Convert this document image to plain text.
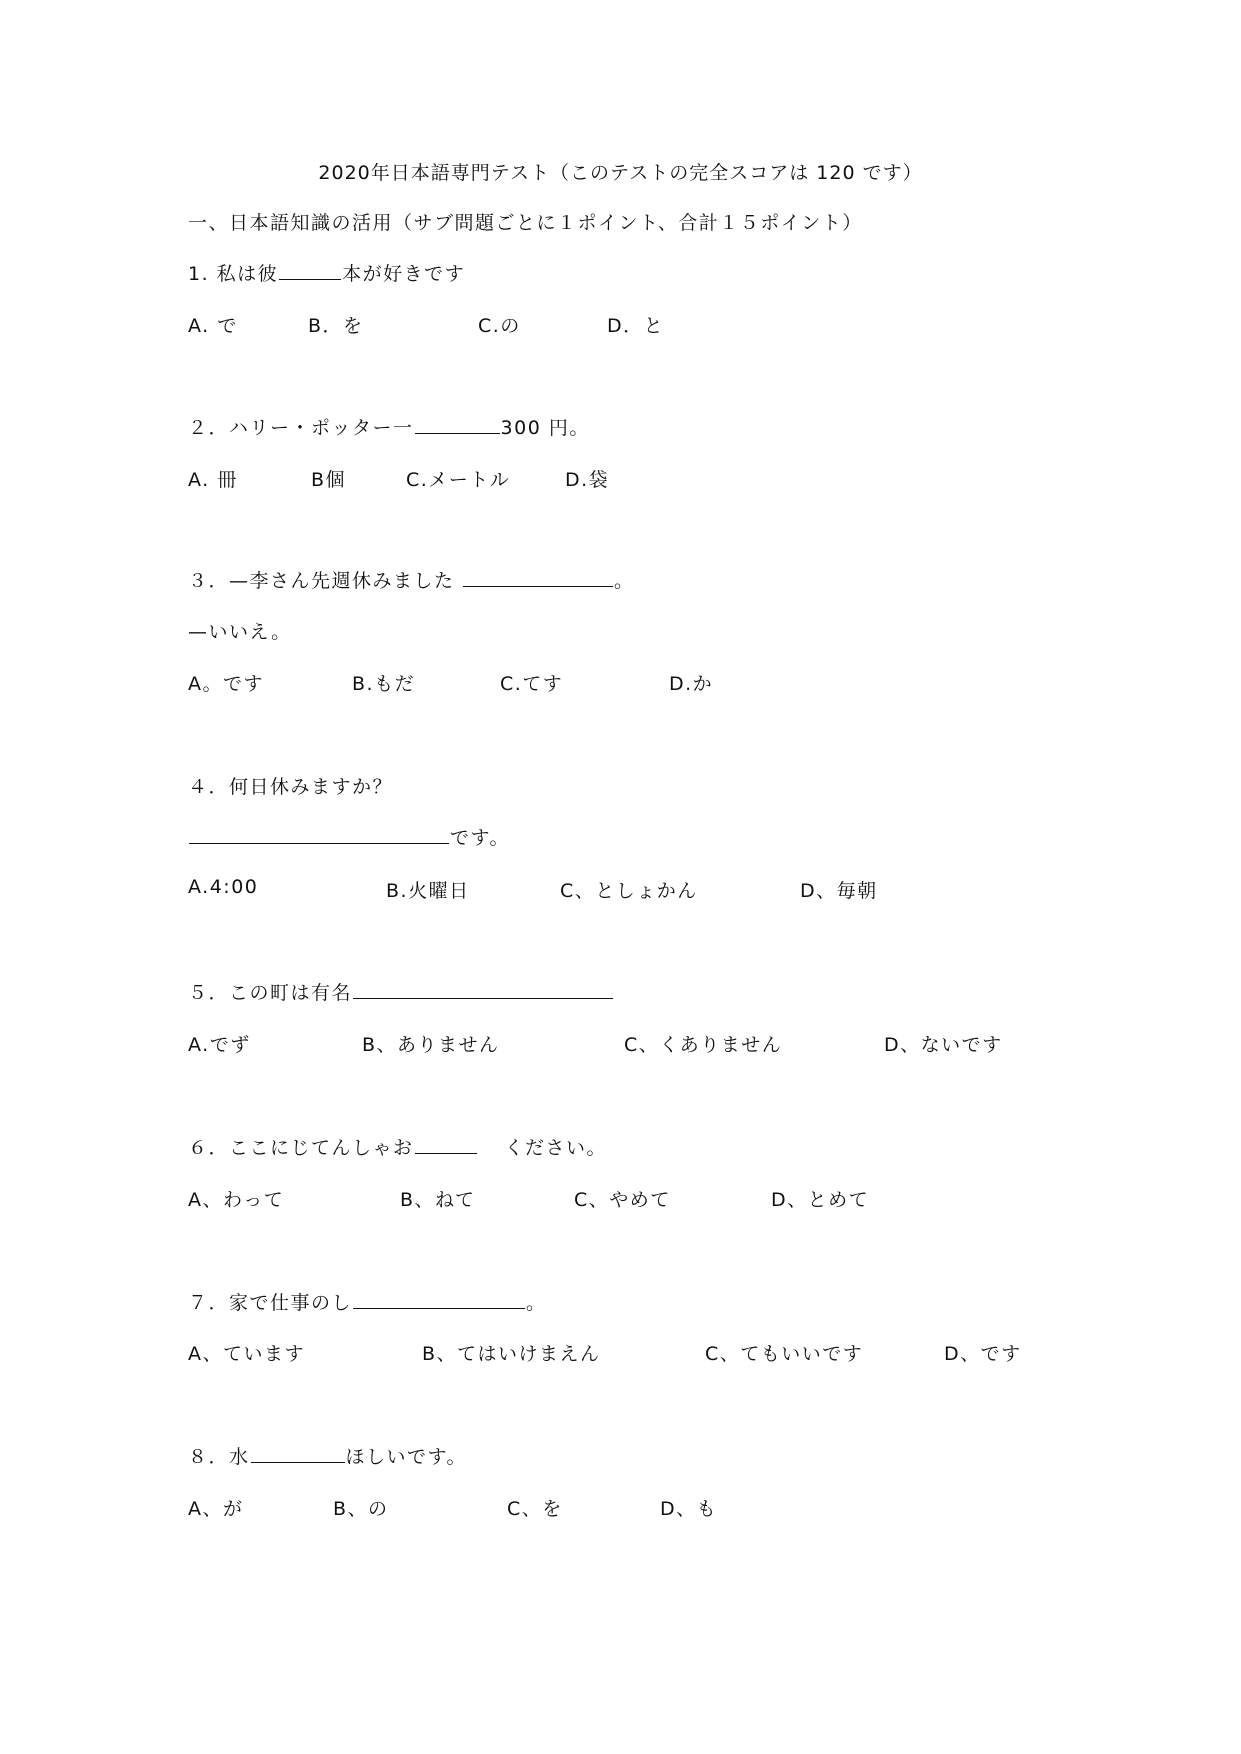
2020年日本語専門テスト（このテストの完全スコアは 120 です）
一、日本語知識の活用（サブ問題ごとに１ポイント、合計１５ポイント）
1. 私は彼	本が好きです
A. で	B．を	C.の	D．と
２．ハリー・ポッター一	300 円。
A. 冊	B個	C.メートル	D.袋
３．—李さん先週休みました	。
—いいえ。
A。です	B.もだ	C.てす	D.か
４．何日休みますか？
です。
A.4:00	B.火曜日	C、としょかん	D、毎朝
５．この町は有名
A.でず	B、ありません	C、くありません	D、ないです
６．ここにじてんしゃお	ください。
A、わって	B、ねて	C、やめて	D、とめて
７．家で仕事のし	。
A、ています	B、てはいけまえん	C、てもいいです	D、です
８．水	ほしいです。
A、が	B、の	C、を	D、も
